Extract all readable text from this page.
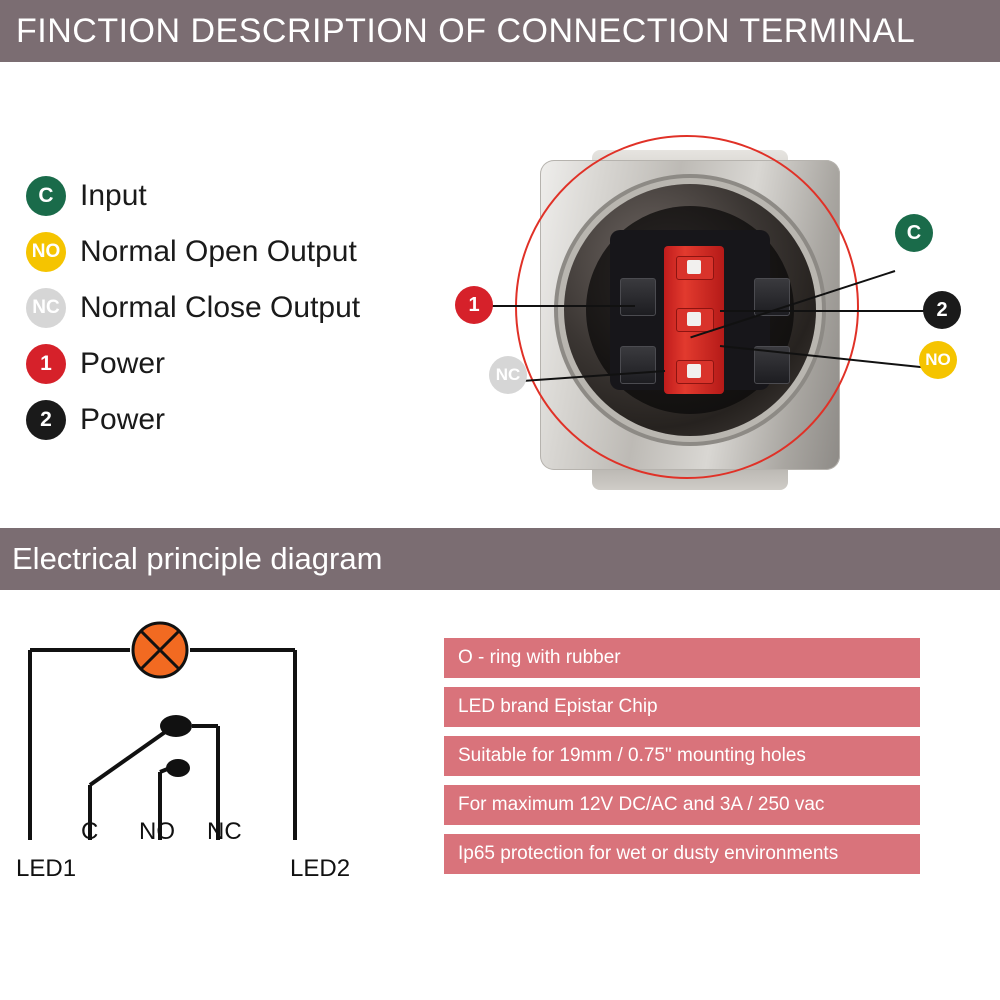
FINCTION DESCRIPTION OF CONNECTION TERMINAL
C Input
NO Normal Open Output
NC Normal Close Output
1 Power
2 Power
C
2
NO
NC
1
Electrical principle diagram
C NO NC
LED1	LED2
O - ring with rubber
LED brand Epistar Chip
Suitable for 19mm / 0.75" mounting holes
For maximum 12V DC/AC and 3A / 250 vac
Ip65 protection for wet or dusty environments
